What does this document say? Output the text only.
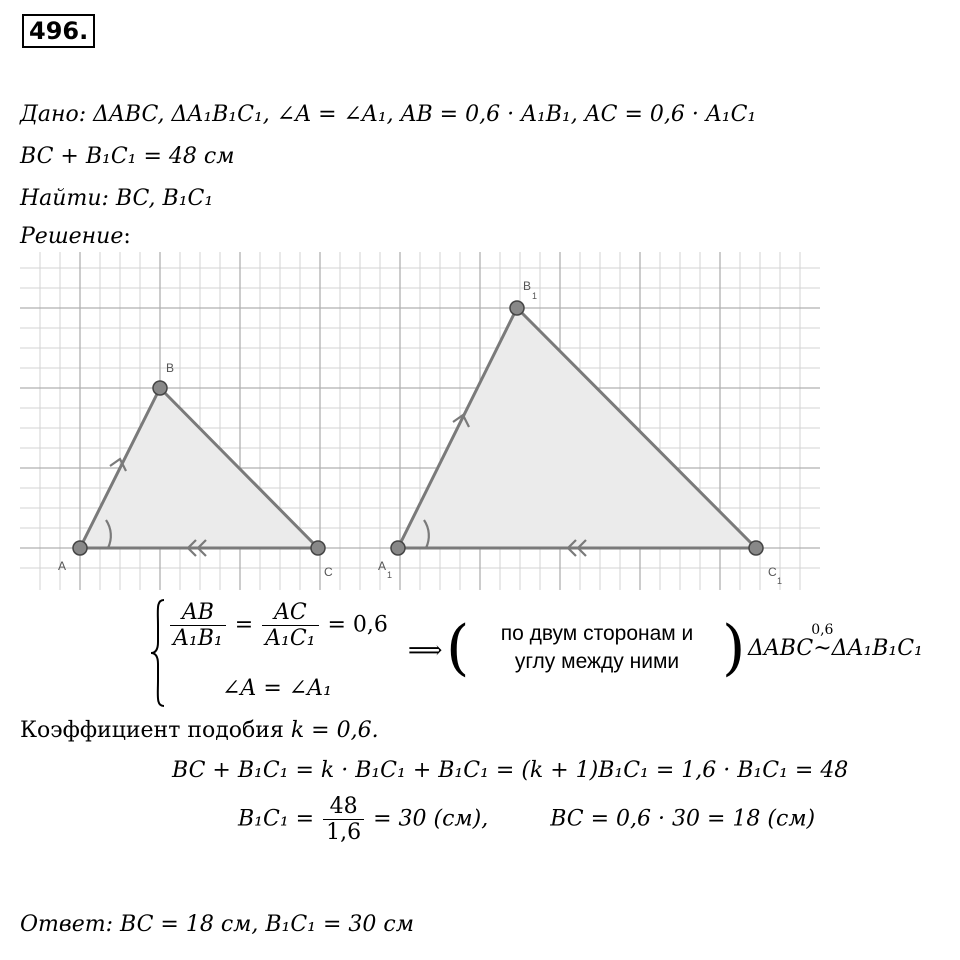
496.
Дано: ΔABC, ΔA₁B₁C₁, ∠A = ∠A₁, AB = 0,6 · A₁B₁, AC = 0,6 · A₁C₁
BC + B₁C₁ = 48 см
Найти: BC, B₁C₁
Решение:
A
B
C	A
1
B
1
C
1
$\frac{AB}{\text{A₁B₁}} = \frac{AC}{\text{A₁C₁}} = 0,6$
∠A = ∠A₁
⟹ (	по двум сторонам и
углу между ними ) ΔABC
0,6
~ΔA₁B₁C₁
Коэффициент подобия k = 0,6.
BC + B₁C₁ = k · B₁C₁ + B₁C₁ = (k + 1)B₁C₁ = 1,6 · B₁C₁ = 48
$B_1C_1 = \frac{48}{1,6} = 30$ (см),	BC = 0,6 · 30 = 18 (см)
Ответ: BC = 18 см, B₁C₁ = 30 см
